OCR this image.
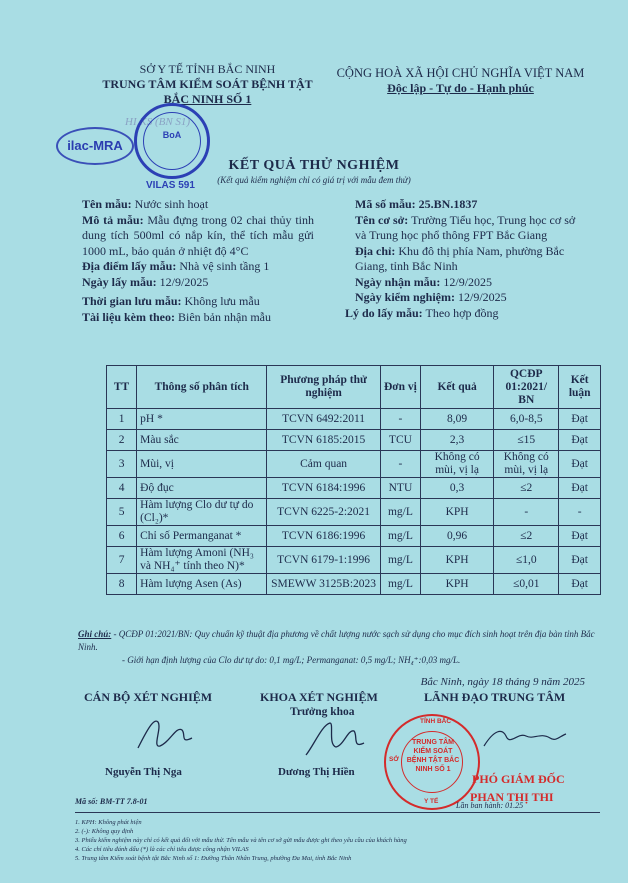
SỞ Y TẾ TỈNH BẮC NINH
TRUNG TÂM KIỂM SOÁT BỆNH TẬT
BẮC NINH SỐ 1
CỘNG HOÀ XÃ HỘI CHỦ NGHĨA VIỆT NAM
Độc lập - Tự do - Hạnh phúc
HI KS (BN S1)
ilac-MRA
BoA
VILAS 591
KẾT QUẢ THỬ NGHIỆM
(Kết quả kiểm nghiệm chỉ có giá trị với mẫu đem thử)

Tên mẫu: Nước sinh hoạt

Mô tả mẫu: Mẫu đựng trong 02 chai thủy tinh dung tích 500ml có nắp kín, thể tích mẫu gửi 1000 mL, bảo quản ở nhiệt độ 4°C

Địa điểm lấy mẫu: Nhà vệ sinh tầng 1

Ngày lấy mẫu: 12/9/2025

Thời gian lưu mẫu: Không lưu mẫu

Tài liệu kèm theo: Biên bản nhận mẫu

Mã số mẫu: 25.BN.1837

Tên cơ sở: Trường Tiểu học, Trung học cơ sở và Trung học phổ thông FPT Bắc Giang

Địa chỉ: Khu đô thị phía Nam, phường Bắc Giang, tỉnh Bắc Ninh

Ngày nhận mẫu: 12/9/2025

Ngày kiểm nghiệm: 12/9/2025

Lý do lấy mẫu: Theo hợp đồng

TT	Thông số phân tích	Phương pháp thử nghiệm	Đơn vị	Kết quả	QCĐP 01:2021/ BN	Kết luận
1	pH *	TCVN 6492:2011	-	8,09	6,0-8,5	Đạt
2	Màu sắc	TCVN 6185:2015	TCU	2,3	≤15	Đạt
3	Mùi, vị	Cảm quan	-	Không có mùi, vị lạ	Không có mùi, vị lạ	Đạt
4	Độ đục	TCVN 6184:1996	NTU	0,3	≤2	Đạt
5	Hàm lượng Clo dư tự do (Cl₂)*	TCVN 6225-2:2021	mg/L	KPH	-	-
6	Chỉ số Permanganat *	TCVN 6186:1996	mg/L	0,96	≤2	Đạt
7	Hàm lượng Amoni (NH₃ và NH₄⁺ tính theo N)*	TCVN 6179-1:1996	mg/L	KPH	≤1,0	Đạt
8	Hàm lượng Asen (As)	SMEWW 3125B:2023	mg/L	KPH	≤0,01	Đạt
Ghi chú: - QCĐP 01:2021/BN: Quy chuẩn kỹ thuật địa phương về chất lượng nước sạch sử dụng cho mục đích sinh hoạt trên địa bàn tỉnh Bắc Ninh.
- Giới hạn định lượng của Clo dư tự do: 0,1 mg/L; Permanganat: 0,5 mg/L; NH₄⁺:0,03 mg/L.
Bắc Ninh, ngày 18 tháng 9 năm 2025
CÁN BỘ XÉT NGHIỆM	KHOA XÉT NGHIỆM
Trưởng khoa
LÃNH ĐẠO TRUNG TÂM
TRUNG TÂM KIỂM SOÁT BỆNH TẬT BẮC NINH SỐ 1
TỈNH BẮC
Y TẾ
SỞ
PHÓ GIÁM ĐỐC
Nguyễn Thị Nga	Dương Thị Hiền
PHAN THỊ THI
Mã số: BM-TT 7.8-01	Lần ban hành: 01.25
1. KPH: Không phát hiện
2. (-): Không quy định
3. Phiếu kiểm nghiệm này chỉ có kết quả đối với mẫu thử. Tên mẫu và tên cơ sở gửi mẫu được ghi theo yêu cầu của khách hàng
4. Các chỉ tiêu đánh dấu (*) là các chỉ tiêu được công nhận VILAS
5. Trung tâm Kiểm soát bệnh tật Bắc Ninh số 1: Đường Thân Nhân Trung, phường Đa Mai, tỉnh Bắc Ninh
